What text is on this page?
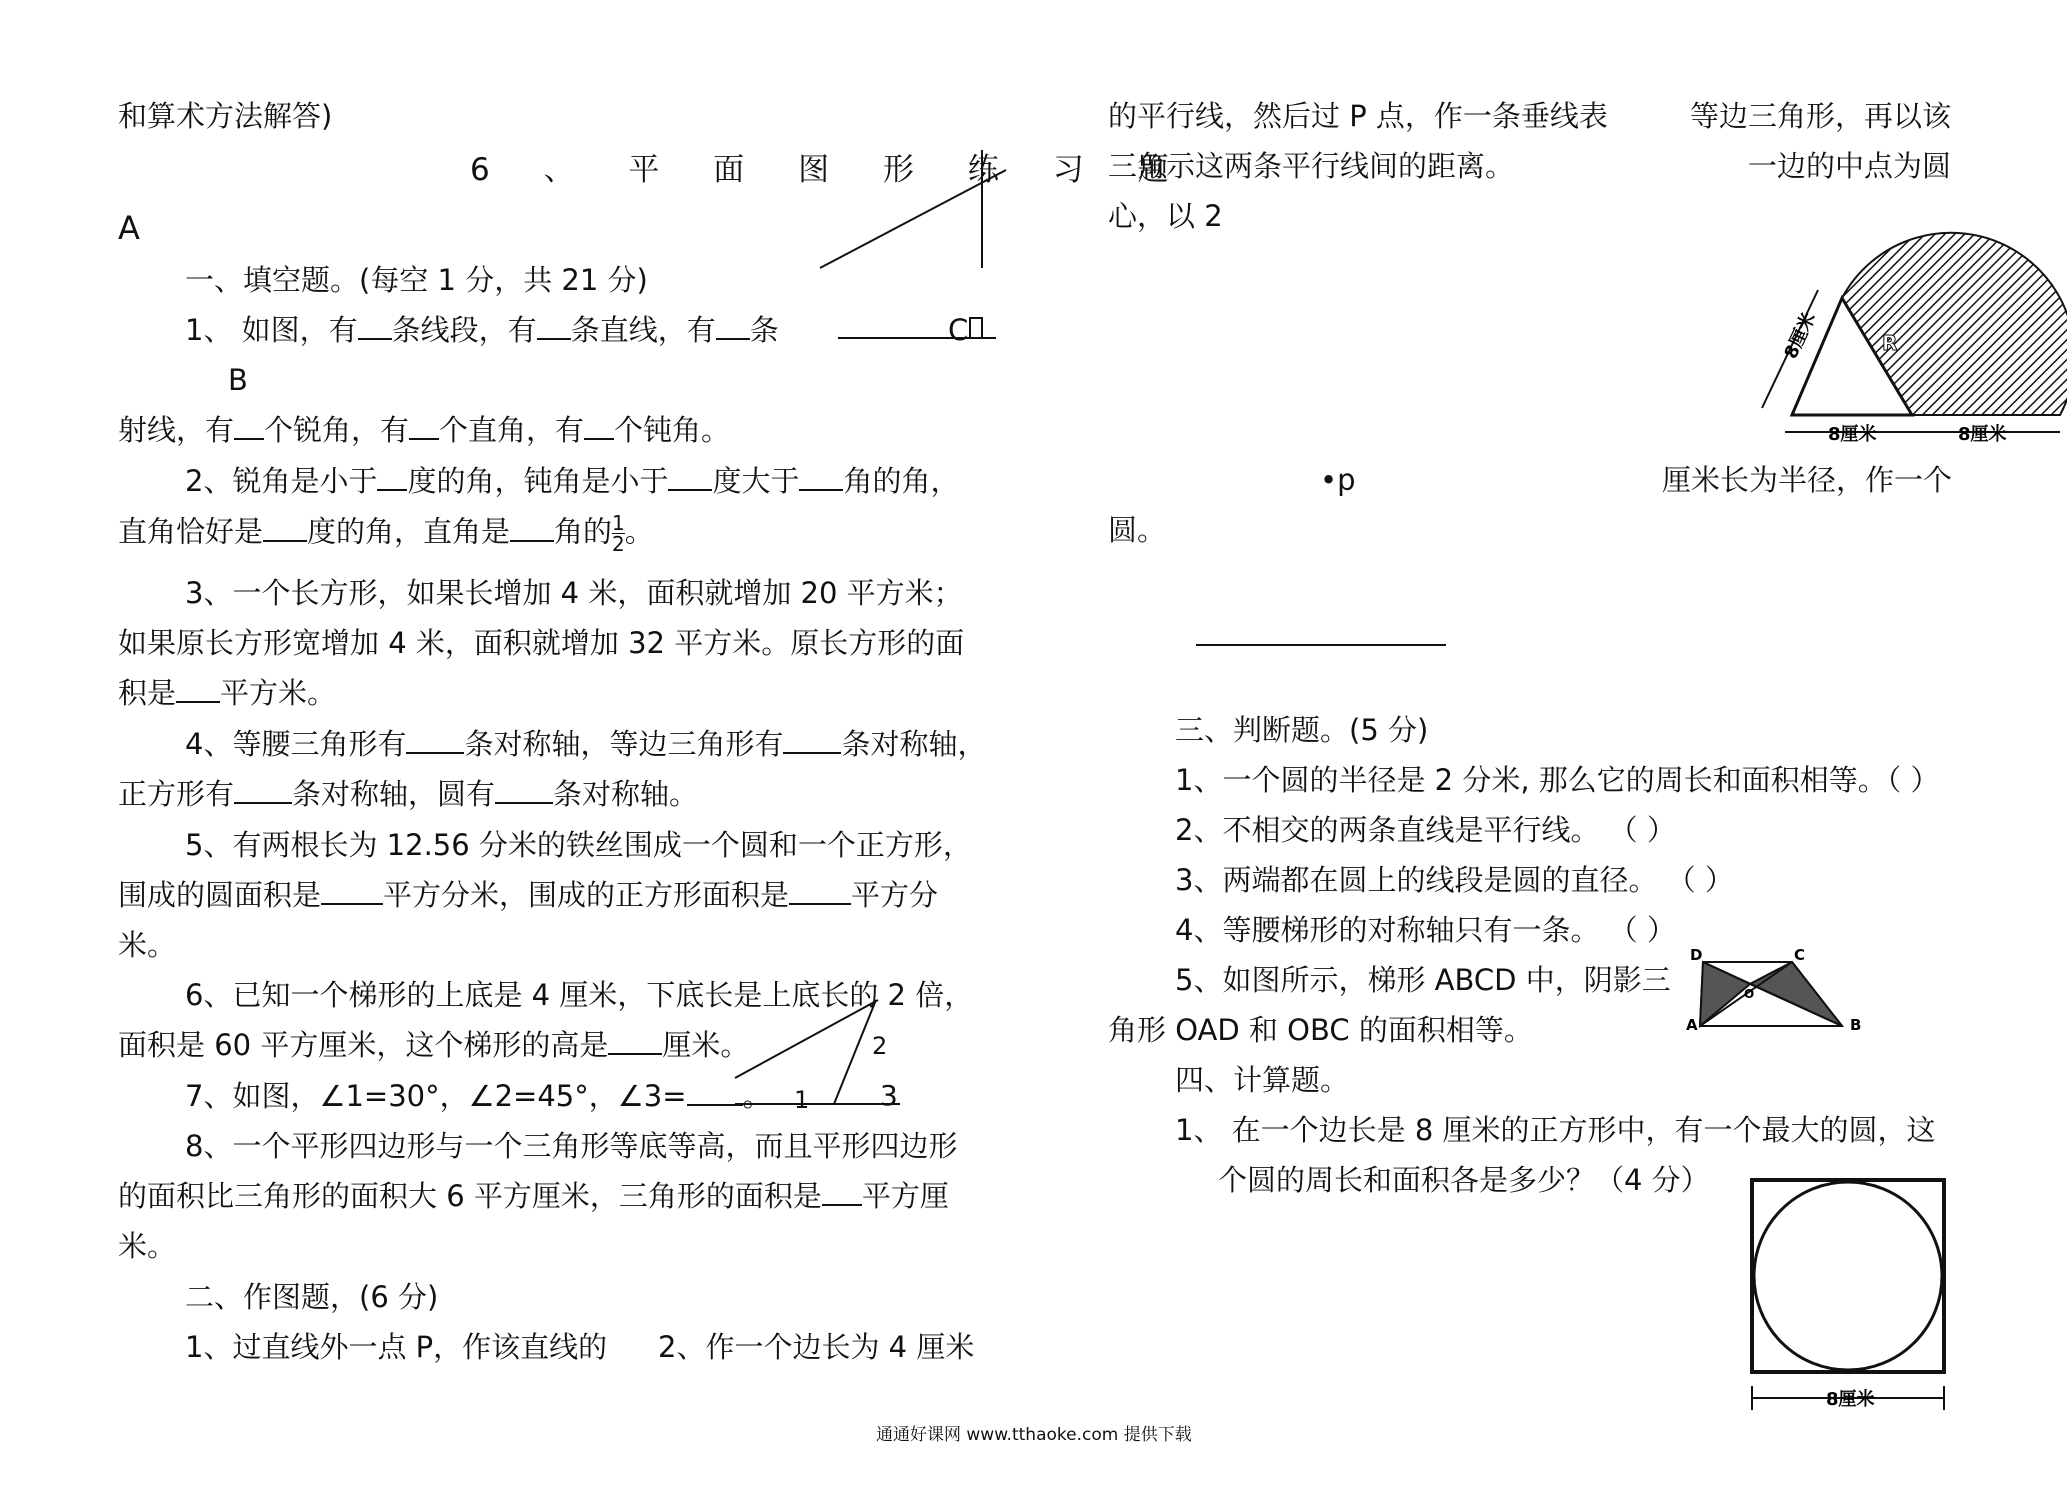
和算术方法解答)
6 、 平 面 图 形 练 习 题
A
一、填空题。(每空 1 分，共 21 分)
1、 如图，有 条线段，有 条直线，有 条	C
B
射线，有 个锐角，有 个直角，有 个钝角。
2、锐角是小于 度的角，钝角是小于 度大于 角的角，
直角恰好是 度的角，直角是 角的 $\frac{1}{2}$ 。
3、一个长方形，如果长增加 4 米，面积就增加 20 平方米；
如果原长方形宽增加 4 米，面积就增加 32 平方米。原长方形的面
积是 平方米。
4、等腰三角形有 条对称轴，等边三角形有 条对称轴，
正方形有 条对称轴，圆有 条对称轴。
5、有两根长为 12.56 分米的铁丝围成一个圆和一个正方形，
围成的圆面积是 平方分米，围成的正方形面积是 平方分
米。
6、已知一个梯形的上底是 4 厘米，下底长是上底长的 2 倍，
面积是 60 平方厘米，这个梯形的高是 厘米。
7、如图，∠1=30°，∠2=45°，∠3= 。
2
1	3
8、一个平形四边形与一个三角形等底等高，而且平形四边形
的面积比三角形的面积大 6 平方厘米，三角形的面积是 平方厘
米。
二、作图题，(6 分)
1、过直线外一点 P，作该直线的 2、作一个边长为 4 厘米
的平行线，然后过 P 点，作一条垂线表	等边三角形，再以该
三角示这两条平行线间的距离。	一边的中点为圆
心，以 2
•p	厘米长为半径，作一个
圆。
三、判断题。(5 分)
1、一个圆的半径是 2 分米, 那么它的周长和面积相等。（ ）
2、不相交的两条直线是平行线。 （ ）
3、两端都在圆上的线段是圆的直径。 （ ）
4、等腰梯形的对称轴只有一条。 （ ）
5、如图所示，梯形 ABCD 中，阴影三
角形 OAD 和 OBC 的面积相等。
四、计算题。
1、 在一个边长是 8 厘米的正方形中，有一个最大的圆，这
个圆的周长和面积各是多少？（4 分）
8厘米
8厘米	8厘米
R
A	B
C
D
O
8厘米
通通好课网 www.tthaoke.com 提供下载
